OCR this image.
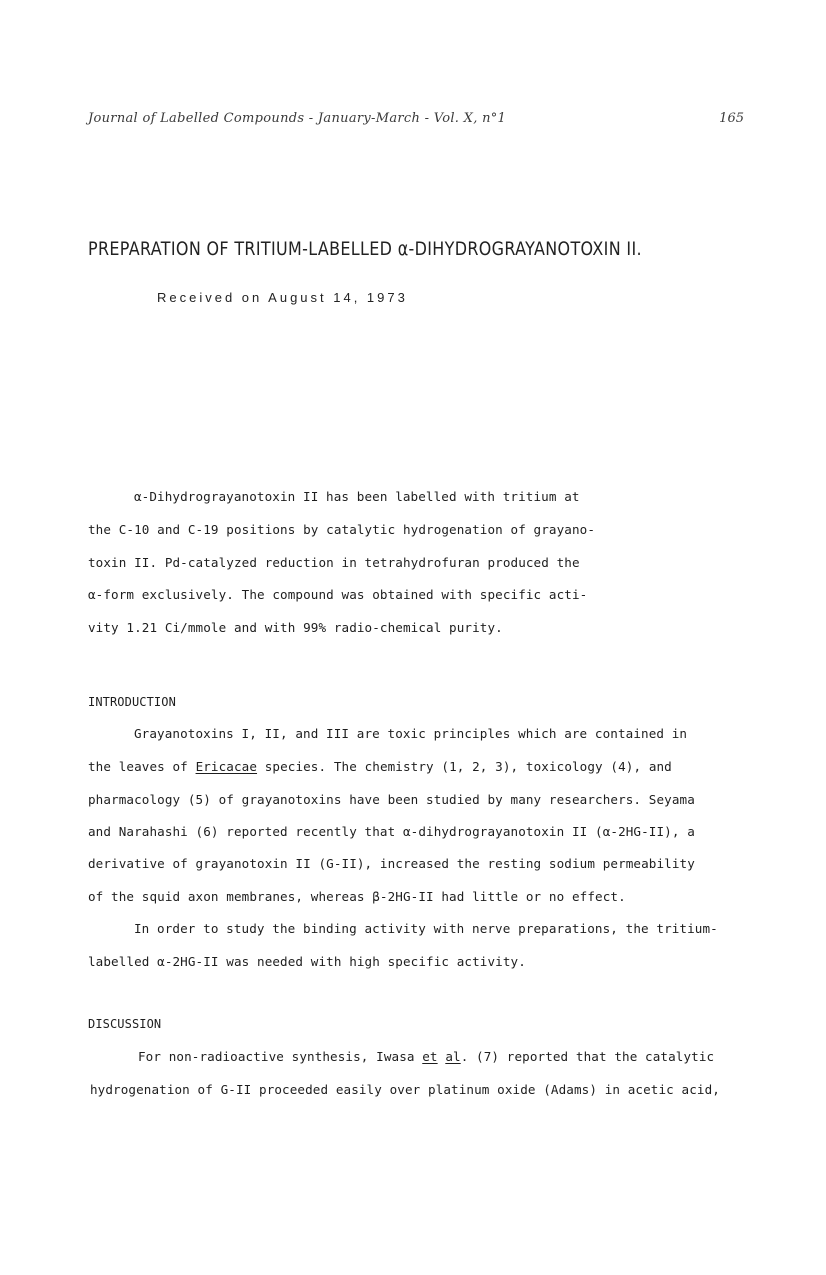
Journal of Labelled Compounds - January-March - Vol. X, n°1	165
PREPARATION OF TRITIUM-LABELLED α-DIHYDROGRAYANOTOXIN II.
Received on August 14, 1973
α-Dihydrograyanotoxin II has been labelled with tritium at
the C-10 and C-19 positions by catalytic hydrogenation of grayano-
toxin II. Pd-catalyzed reduction in tetrahydrofuran produced the
α-form exclusively. The compound was obtained with specific acti-
vity 1.21 Ci/mmole and with 99% radio-chemical purity.
INTRODUCTION
Grayanotoxins I, II, and III are toxic principles which are contained in
the leaves of Ericacae species. The chemistry (1, 2, 3), toxicology (4), and
pharmacology (5) of grayanotoxins have been studied by many researchers. Seyama
and Narahashi (6) reported recently that α-dihydrograyanotoxin II (α-2HG-II), a
derivative of grayanotoxin II (G-II), increased the resting sodium permeability
of the squid axon membranes, whereas β-2HG-II had little or no effect.
In order to study the binding activity with nerve preparations, the tritium-
labelled α-2HG-II was needed with high specific activity.
DISCUSSION
For non-radioactive synthesis, Iwasa et al. (7) reported that the catalytic
hydrogenation of G-II proceeded easily over platinum oxide (Adams) in acetic acid,
